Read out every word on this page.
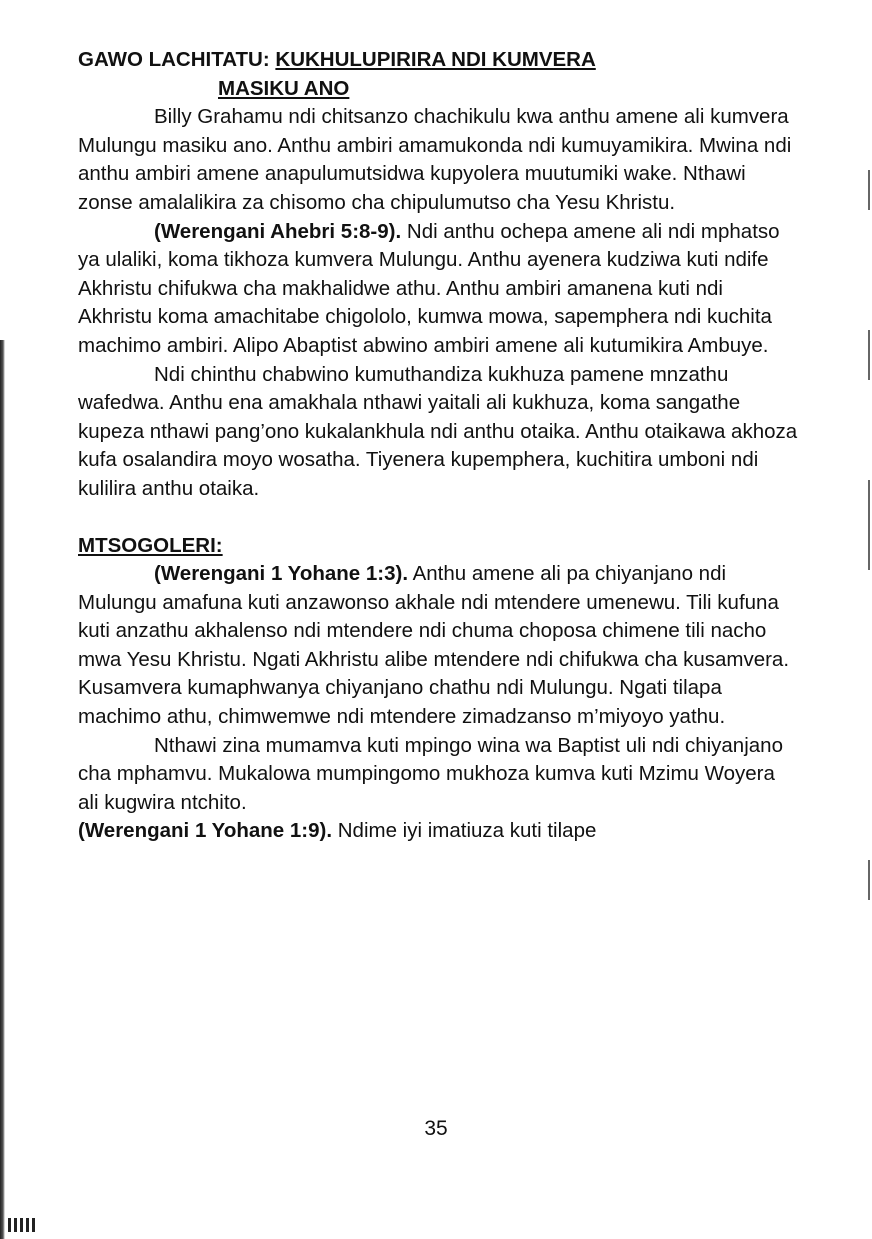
GAWO LACHITATU: KUKHULUPIRIRA NDI KUMVERA
MASIKU ANO

Billy Grahamu ndi chitsanzo chachikulu kwa anthu amene ali kumvera Mulungu masiku ano. Anthu ambiri amamukonda ndi kumuyamikira. Mwina ndi anthu ambiri amene anapulumutsidwa kupyolera muutumiki wake. Nthawi zonse amalalikira za chisomo cha chipulumutso cha Yesu Khristu.

(Werengani Ahebri 5:8-9). Ndi anthu ochepa amene ali ndi mphatso ya ulaliki, koma tikhoza kumvera Mulungu. Anthu ayenera kudziwa kuti ndife Akhristu chifukwa cha makhalidwe athu. Anthu ambiri amanena kuti ndi Akhristu koma amachitabe chigololo, kumwa mowa, sapemphera ndi kuchita machimo ambiri. Alipo Abaptist abwino ambiri amene ali kutumikira Ambuye.

Ndi chinthu chabwino kumuthandiza kukhuza pamene mnzathu wafedwa. Anthu ena amakhala nthawi yaitali ali kukhuza, koma sangathe kupeza nthawi pang’ono kukalankhula ndi anthu otaika. Anthu otaikawa akhoza kufa osalandira moyo wosatha. Tiyenera kupemphera, kuchitira umboni ndi kulilira anthu otaika.

MTSOGOLERI:

(Werengani 1 Yohane 1:3). Anthu amene ali pa chiyanjano ndi Mulungu amafuna kuti anzawonso akhale ndi mtendere umenewu. Tili kufuna kuti anzathu akhalenso ndi mtendere ndi chuma choposa chimene tili nacho mwa Yesu Khristu. Ngati Akhristu alibe mtendere ndi chifukwa cha kusamvera. Kusamvera kumaphwanya chiyanjano chathu ndi Mulungu. Ngati tilapa machimo athu, chimwemwe ndi mtendere zimadzanso m’miyoyo yathu.

Nthawi zina mumamva kuti mpingo wina wa Baptist uli ndi chiyanjano cha mphamvu. Mukalowa mumpingomo mukhoza kumva kuti Mzimu Woyera ali kugwira ntchito.

(Werengani 1 Yohane 1:9). Ndime iyi imatiuza kuti tilape

35
